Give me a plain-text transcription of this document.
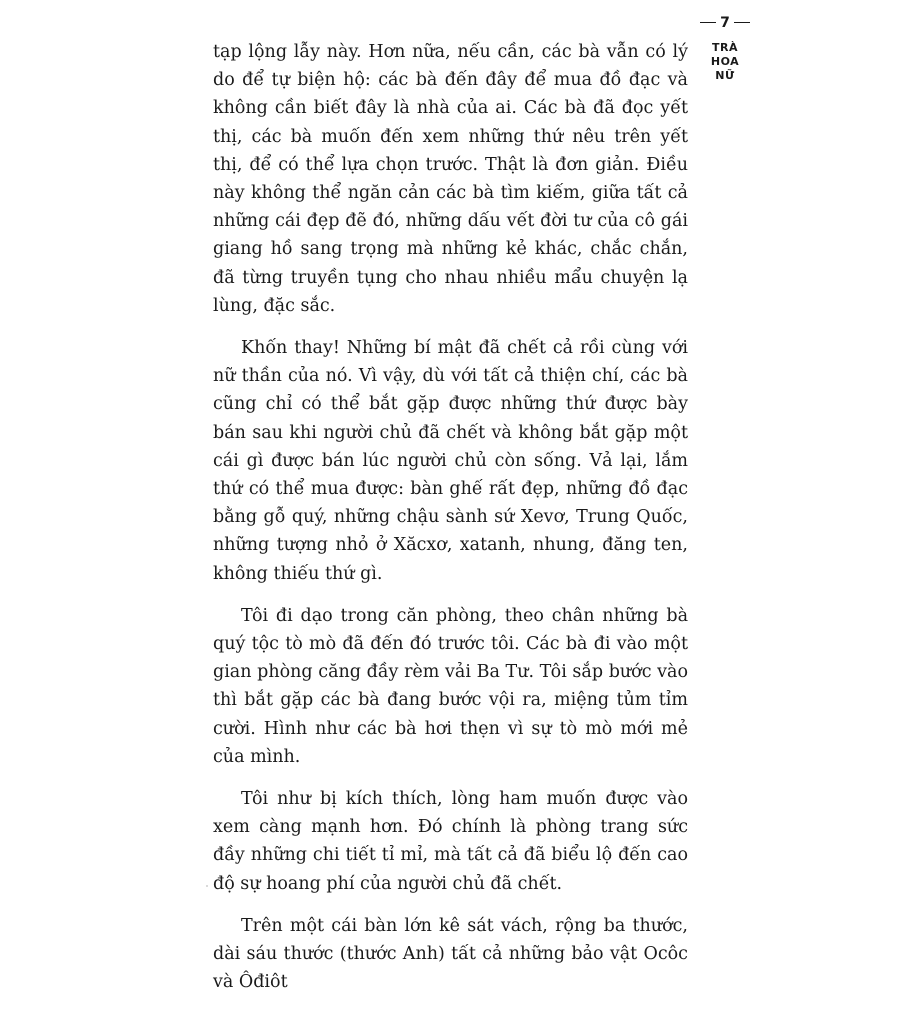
7
TRÀ
HOA
NỮ

tạp lộng lẫy này. Hơn nữa, nếu cần, các bà vẫn có lý do để tự biện hộ: các bà đến đây để mua đồ đạc và không cần biết đây là nhà của ai. Các bà đã đọc yết thị, các bà muốn đến xem những thứ nêu trên yết thị, để có thể lựa chọn trước. Thật là đơn giản. Điều này không thể ngăn cản các bà tìm kiếm, giữa tất cả những cái đẹp đẽ đó, những dấu vết đời tư của cô gái giang hồ sang trọng mà những kẻ khác, chắc chắn, đã từng truyền tụng cho nhau nhiều mẩu chuyện lạ lùng, đặc sắc.

Khốn thay! Những bí mật đã chết cả rồi cùng với nữ thần của nó. Vì vậy, dù với tất cả thiện chí, các bà cũng chỉ có thể bắt gặp được những thứ được bày bán sau khi người chủ đã chết và không bắt gặp một cái gì được bán lúc người chủ còn sống. Vả lại, lắm thứ có thể mua được: bàn ghế rất đẹp, những đồ đạc bằng gỗ quý, những chậu sành sứ Xevơ, Trung Quốc, những tượng nhỏ ở Xăcxơ, xatanh, nhung, đăng ten, không thiếu thứ gì.

Tôi đi dạo trong căn phòng, theo chân những bà quý tộc tò mò đã đến đó trước tôi. Các bà đi vào một gian phòng căng đầy rèm vải Ba Tư. Tôi sắp bước vào thì bắt gặp các bà đang bước vội ra, miệng tủm tỉm cười. Hình như các bà hơi thẹn vì sự tò mò mới mẻ của mình.

Tôi như bị kích thích, lòng ham muốn được vào xem càng mạnh hơn. Đó chính là phòng trang sức đầy những chi tiết tỉ mỉ, mà tất cả đã biểu lộ đến cao độ sự hoang phí của người chủ đã chết.

Trên một cái bàn lớn kê sát vách, rộng ba thước, dài sáu thước (thước Anh) tất cả những bảo vật Ocôc và Ôđiôt
